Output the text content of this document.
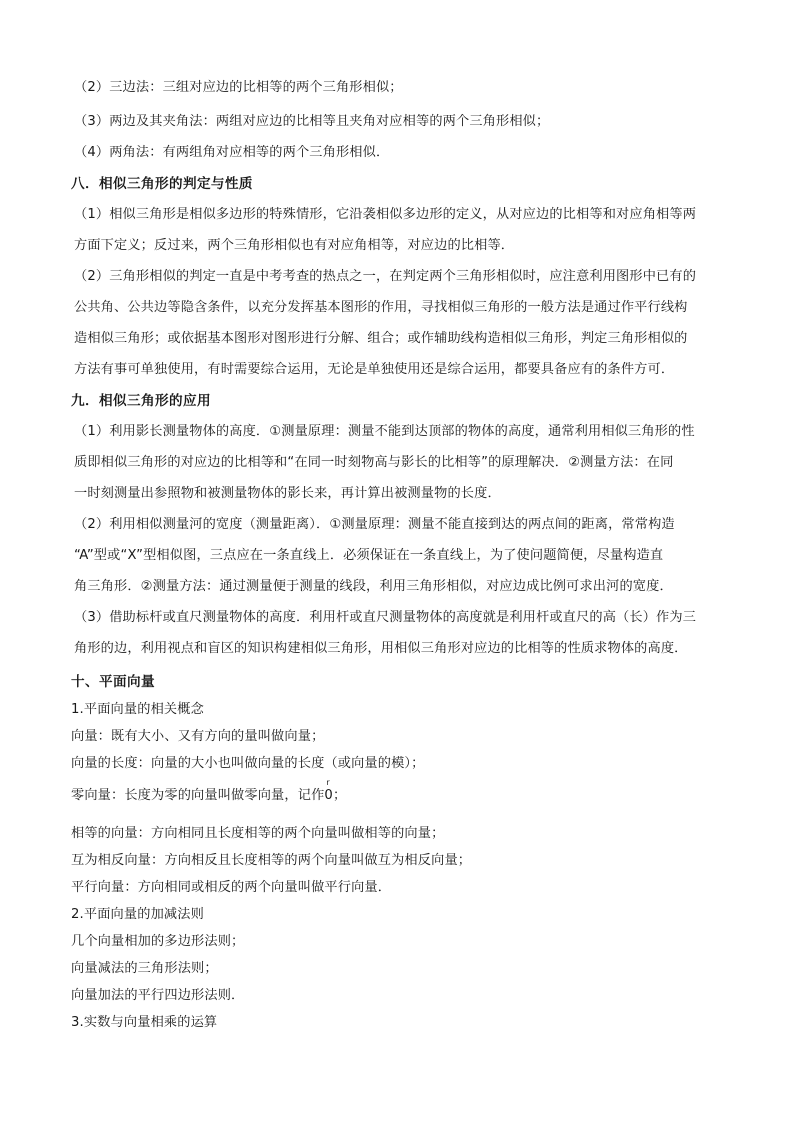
（2）三边法：三组对应边的比相等的两个三角形相似；
（3）两边及其夹角法：两组对应边的比相等且夹角对应相等的两个三角形相似；
（4）两角法：有两组角对应相等的两个三角形相似．
八．相似三角形的判定与性质
（1）相似三角形是相似多边形的特殊情形，它沿袭相似多边形的定义，从对应边的比相等和对应角相等两
方面下定义；反过来，两个三角形相似也有对应角相等，对应边的比相等．
（2）三角形相似的判定一直是中考考查的热点之一，在判定两个三角形相似时，应注意利用图形中已有的
公共角、公共边等隐含条件，以充分发挥基本图形的作用，寻找相似三角形的一般方法是通过作平行线构
造相似三角形；或依据基本图形对图形进行分解、组合；或作辅助线构造相似三角形，判定三角形相似的
方法有事可单独使用，有时需要综合运用，无论是单独使用还是综合运用，都要具备应有的条件方可．
九．相似三角形的应用
（1）利用影长测量物体的高度．①测量原理：测量不能到达顶部的物体的高度，通常利用相似三角形的性
质即相似三角形的对应边的比相等和“在同一时刻物高与影长的比相等”的原理解决．②测量方法：在同
一时刻测量出参照物和被测量物体的影长来，再计算出被测量物的长度．
（2）利用相似测量河的宽度（测量距离）．①测量原理：测量不能直接到达的两点间的距离，常常构造
“A”型或“X”型相似图，三点应在一条直线上．必须保证在一条直线上，为了使问题简便，尽量构造直
角三角形．②测量方法：通过测量便于测量的线段，利用三角形相似，对应边成比例可求出河的宽度．
（3）借助标杆或直尺测量物体的高度．利用杆或直尺测量物体的高度就是利用杆或直尺的高（长）作为三
角形的边，利用视点和盲区的知识构建相似三角形，用相似三角形对应边的比相等的性质求物体的高度．
十、平面向量
1.平面向量的相关概念
向量：既有大小、又有方向的量叫做向量；
向量的长度：向量的大小也叫做向量的长度（或向量的模）；
零向量：长度为零的向量叫做零向量，记作
r
0；
相等的向量：方向相同且长度相等的两个向量叫做相等的向量；
互为相反向量：方向相反且长度相等的两个向量叫做互为相反向量；
平行向量：方向相同或相反的两个向量叫做平行向量．
2.平面向量的加减法则
几个向量相加的多边形法则；
向量减法的三角形法则；
向量加法的平行四边形法则．
3.实数与向量相乘的运算
